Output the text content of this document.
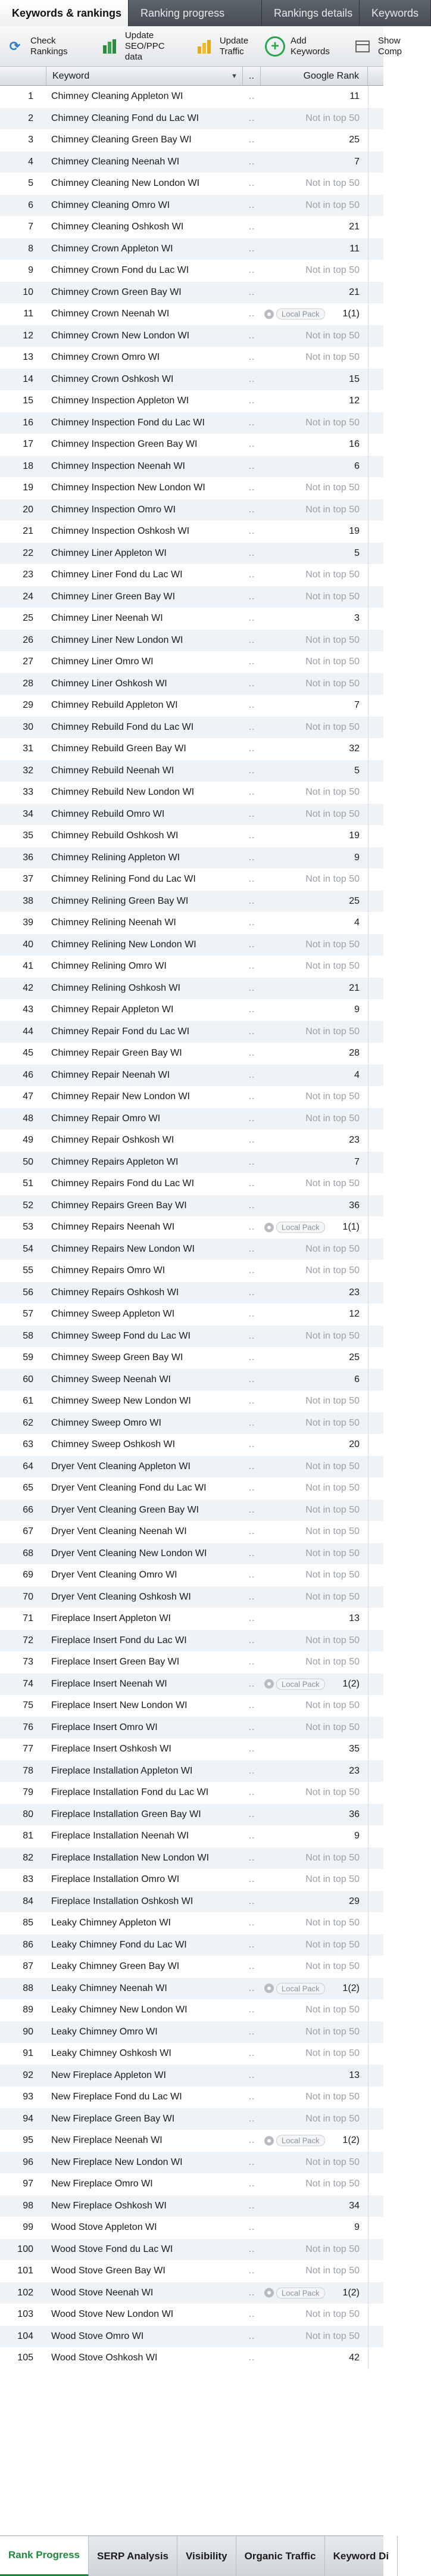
Keywords & rankings	Ranking progress	Rankings details	Keywords
⟳	Check Rankings
Update SEO/PPC data
Update Traffic	+	Add Keywords
Show Comp
Keyword	▼	..	Google Rank
1	Chimney Cleaning Appleton WI	..	11
2	Chimney Cleaning Fond du Lac WI	..	Not in top 50
3	Chimney Cleaning Green Bay WI	..	25
4	Chimney Cleaning Neenah WI	..	7
5	Chimney Cleaning New London WI	..	Not in top 50
6	Chimney Cleaning Omro WI	..	Not in top 50
7	Chimney Cleaning Oshkosh WI	..	21
8	Chimney Crown Appleton WI	..	11
9	Chimney Crown Fond du Lac WI	..	Not in top 50
10	Chimney Crown Green Bay WI	..	21
11	Chimney Crown Neenah WI	..	Local Pack	1(1)
12	Chimney Crown New London WI	..	Not in top 50
13	Chimney Crown Omro WI	..	Not in top 50
14	Chimney Crown Oshkosh WI	..	15
15	Chimney Inspection Appleton WI	..	12
16	Chimney Inspection Fond du Lac WI	..	Not in top 50
17	Chimney Inspection Green Bay WI	..	16
18	Chimney Inspection Neenah WI	..	6
19	Chimney Inspection New London WI	..	Not in top 50
20	Chimney Inspection Omro WI	..	Not in top 50
21	Chimney Inspection Oshkosh WI	..	19
22	Chimney Liner Appleton WI	..	5
23	Chimney Liner Fond du Lac WI	..	Not in top 50
24	Chimney Liner Green Bay WI	..	Not in top 50
25	Chimney Liner Neenah WI	..	3
26	Chimney Liner New London WI	..	Not in top 50
27	Chimney Liner Omro WI	..	Not in top 50
28	Chimney Liner Oshkosh WI	..	Not in top 50
29	Chimney Rebuild Appleton WI	..	7
30	Chimney Rebuild Fond du Lac WI	..	Not in top 50
31	Chimney Rebuild Green Bay WI	..	32
32	Chimney Rebuild Neenah WI	..	5
33	Chimney Rebuild New London WI	..	Not in top 50
34	Chimney Rebuild Omro WI	..	Not in top 50
35	Chimney Rebuild Oshkosh WI	..	19
36	Chimney Relining Appleton WI	..	9
37	Chimney Relining Fond du Lac WI	..	Not in top 50
38	Chimney Relining Green Bay WI	..	25
39	Chimney Relining Neenah WI	..	4
40	Chimney Relining New London WI	..	Not in top 50
41	Chimney Relining Omro WI	..	Not in top 50
42	Chimney Relining Oshkosh WI	..	21
43	Chimney Repair Appleton WI	..	9
44	Chimney Repair Fond du Lac WI	..	Not in top 50
45	Chimney Repair Green Bay WI	..	28
46	Chimney Repair Neenah WI	..	4
47	Chimney Repair New London WI	..	Not in top 50
48	Chimney Repair Omro WI	..	Not in top 50
49	Chimney Repair Oshkosh WI	..	23
50	Chimney Repairs Appleton WI	..	7
51	Chimney Repairs Fond du Lac WI	..	Not in top 50
52	Chimney Repairs Green Bay WI	..	36
53	Chimney Repairs Neenah WI	..	Local Pack	1(1)
54	Chimney Repairs New London WI	..	Not in top 50
55	Chimney Repairs Omro WI	..	Not in top 50
56	Chimney Repairs Oshkosh WI	..	23
57	Chimney Sweep Appleton WI	..	12
58	Chimney Sweep Fond du Lac WI	..	Not in top 50
59	Chimney Sweep Green Bay WI	..	25
60	Chimney Sweep Neenah WI	..	6
61	Chimney Sweep New London WI	..	Not in top 50
62	Chimney Sweep Omro WI	..	Not in top 50
63	Chimney Sweep Oshkosh WI	..	20
64	Dryer Vent Cleaning Appleton WI	..	Not in top 50
65	Dryer Vent Cleaning Fond du Lac WI	..	Not in top 50
66	Dryer Vent Cleaning Green Bay WI	..	Not in top 50
67	Dryer Vent Cleaning Neenah WI	..	Not in top 50
68	Dryer Vent Cleaning New London WI	..	Not in top 50
69	Dryer Vent Cleaning Omro WI	..	Not in top 50
70	Dryer Vent Cleaning Oshkosh WI	..	Not in top 50
71	Fireplace Insert Appleton WI	..	13
72	Fireplace Insert Fond du Lac WI	..	Not in top 50
73	Fireplace Insert Green Bay WI	..	Not in top 50
74	Fireplace Insert Neenah WI	..	Local Pack	1(2)
75	Fireplace Insert New London WI	..	Not in top 50
76	Fireplace Insert Omro WI	..	Not in top 50
77	Fireplace Insert Oshkosh WI	..	35
78	Fireplace Installation Appleton WI	..	23
79	Fireplace Installation Fond du Lac WI	..	Not in top 50
80	Fireplace Installation Green Bay WI	..	36
81	Fireplace Installation Neenah WI	..	9
82	Fireplace Installation New London WI	..	Not in top 50
83	Fireplace Installation Omro WI	..	Not in top 50
84	Fireplace Installation Oshkosh WI	..	29
85	Leaky Chimney Appleton WI	..	Not in top 50
86	Leaky Chimney Fond du Lac WI	..	Not in top 50
87	Leaky Chimney Green Bay WI	..	Not in top 50
88	Leaky Chimney Neenah WI	..	Local Pack	1(2)
89	Leaky Chimney New London WI	..	Not in top 50
90	Leaky Chimney Omro WI	..	Not in top 50
91	Leaky Chimney Oshkosh WI	..	Not in top 50
92	New Fireplace Appleton WI	..	13
93	New Fireplace Fond du Lac WI	..	Not in top 50
94	New Fireplace Green Bay WI	..	Not in top 50
95	New Fireplace Neenah WI	..	Local Pack	1(2)
96	New Fireplace New London WI	..	Not in top 50
97	New Fireplace Omro WI	..	Not in top 50
98	New Fireplace Oshkosh WI	..	34
99	Wood Stove Appleton WI	..	9
100	Wood Stove Fond du Lac WI	..	Not in top 50
101	Wood Stove Green Bay WI	..	Not in top 50
102	Wood Stove Neenah WI	..	Local Pack	1(2)
103	Wood Stove New London WI	..	Not in top 50
104	Wood Stove Omro WI	..	Not in top 50
105	Wood Stove Oshkosh WI	..	42
Rank Progress	SERP Analysis	Visibility	Organic Traffic	Keyword Di
